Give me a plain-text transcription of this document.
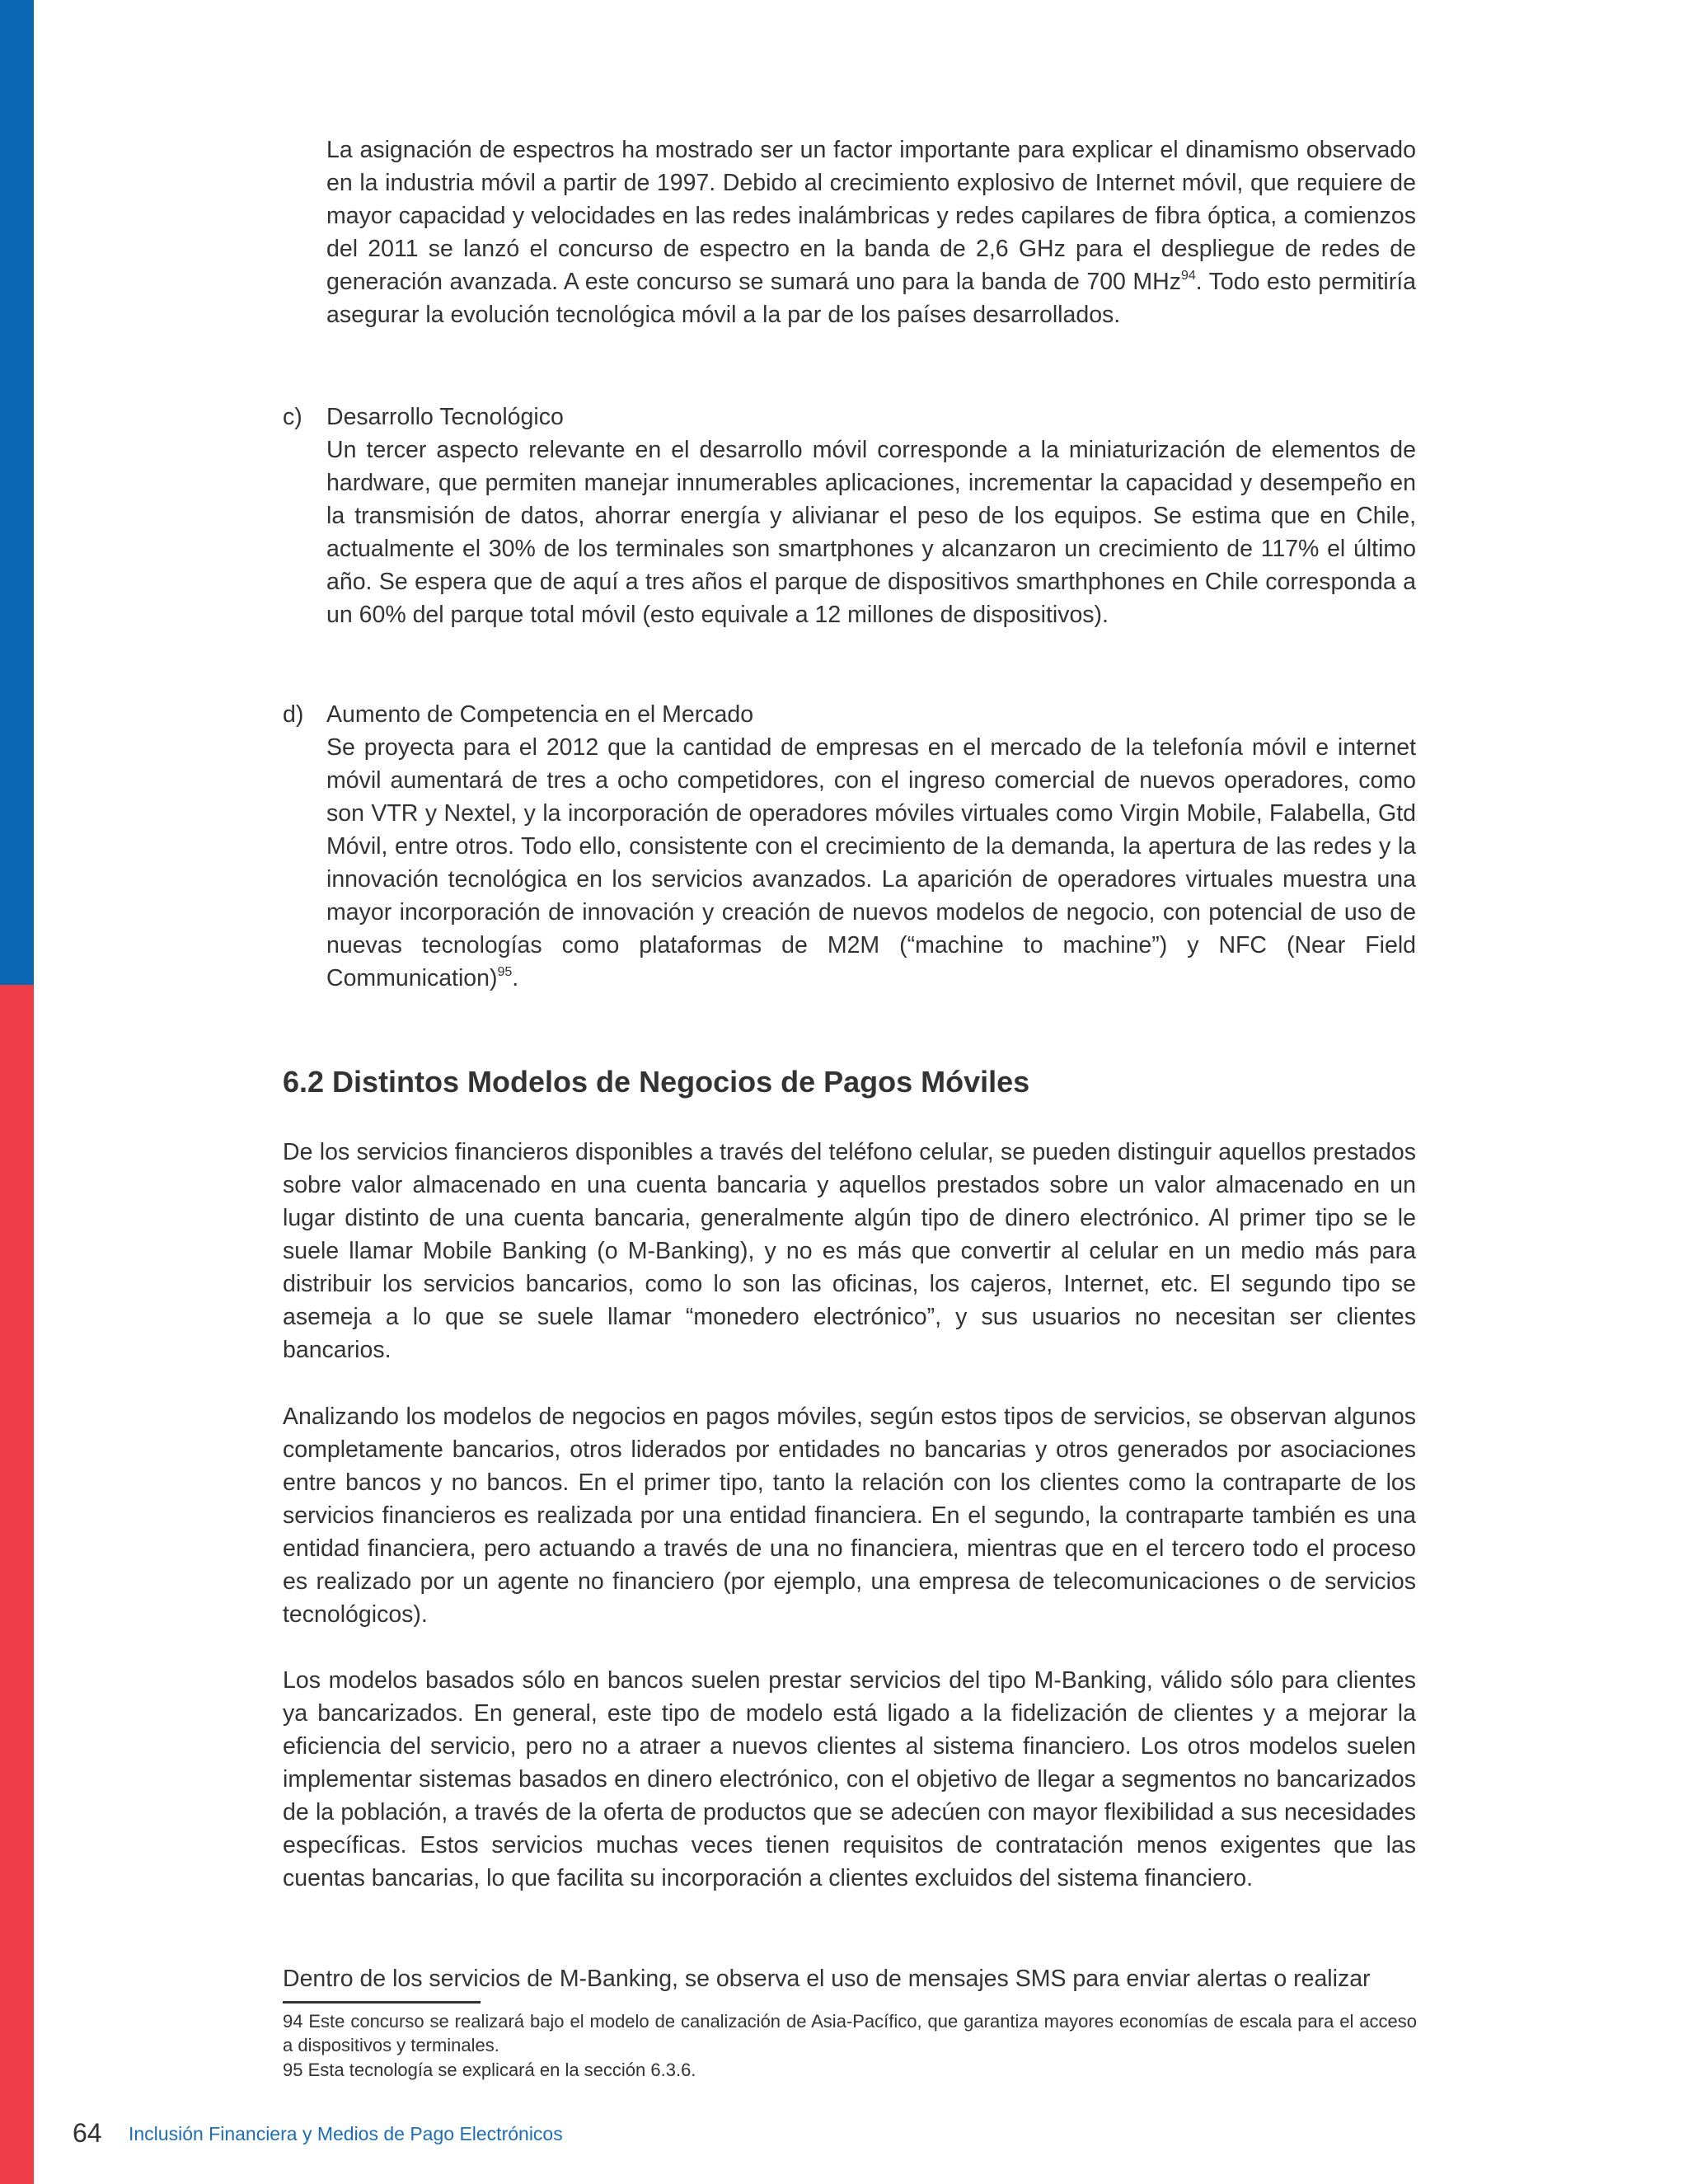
La asignación de espectros ha mostrado ser un factor importante para explicar el dinamismo observado en la industria móvil a partir de 1997. Debido al crecimiento explosivo de Internet móvil, que requiere de mayor capacidad y velocidades en las redes inalámbricas y redes capilares de fibra óptica, a comienzos del 2011 se lanzó el concurso de espectro en la banda de 2,6 GHz para el despliegue de redes de generación avanzada. A este concurso se sumará uno para la banda de 700 MHz$^{94}$. Todo esto permitiría asegurar la evolución tecnológica móvil a la par de los países desarrollados.

c) Desarrollo Tecnológico

Un tercer aspecto relevante en el desarrollo móvil corresponde a la miniaturización de elementos de hardware, que permiten manejar innumerables aplicaciones, incrementar la capacidad y desempeño en la transmisión de datos, ahorrar energía y alivianar el peso de los equipos. Se estima que en Chile, actualmente el 30% de los terminales son smartphones y alcanzaron un crecimiento de 117% el último año. Se espera que de aquí a tres años el parque de dispositivos smarthphones en Chile corresponda a un 60% del parque total móvil (esto equivale a 12 millones de dispositivos).

d) Aumento de Competencia en el Mercado

Se proyecta para el 2012 que la cantidad de empresas en el mercado de la telefonía móvil e internet móvil aumentará de tres a ocho competidores, con el ingreso comercial de nuevos operadores, como son VTR y Nextel, y la incorporación de operadores móviles virtuales como Virgin Mobile, Falabella, Gtd Móvil, entre otros. Todo ello, consistente con el crecimiento de la demanda, la apertura de las redes y la innovación tecnológica en los servicios avanzados. La aparición de operadores virtuales muestra una mayor incorporación de innovación y creación de nuevos modelos de negocio, con potencial de uso de nuevas tecnologías como plataformas de M2M (“machine to machine”) y NFC (Near Field Communication)$^{95}$.

6.2 Distintos Modelos de Negocios de Pagos Móviles

De los servicios financieros disponibles a través del teléfono celular, se pueden distinguir aquellos prestados sobre valor almacenado en una cuenta bancaria y aquellos prestados sobre un valor almacenado en un lugar distinto de una cuenta bancaria, generalmente algún tipo de dinero electrónico. Al primer tipo se le suele llamar Mobile Banking (o M-Banking), y no es más que convertir al celular en un medio más para distribuir los servicios bancarios, como lo son las oficinas, los cajeros, Internet, etc. El segundo tipo se asemeja a lo que se suele llamar “monedero electrónico”, y sus usuarios no necesitan ser clientes bancarios.

Analizando los modelos de negocios en pagos móviles, según estos tipos de servicios, se observan algunos completamente bancarios, otros liderados por entidades no bancarias y otros generados por asociaciones entre bancos y no bancos. En el primer tipo, tanto la relación con los clientes como la contraparte de los servicios financieros es realizada por una entidad financiera. En el segundo, la contraparte también es una entidad financiera, pero actuando a través de una no financiera, mientras que en el tercero todo el proceso es realizado por un agente no financiero (por ejemplo, una empresa de telecomunicaciones o de servicios tecnológicos).

Los modelos basados sólo en bancos suelen prestar servicios del tipo M-Banking, válido sólo para clientes ya bancarizados. En general, este tipo de modelo está ligado a la fidelización de clientes y a mejorar la eficiencia del servicio, pero no a atraer a nuevos clientes al sistema financiero. Los otros modelos suelen implementar sistemas basados en dinero electrónico, con el objetivo de llegar a segmentos no bancarizados de la población, a través de la oferta de productos que se adecúen con mayor flexibilidad a sus necesidades específicas. Estos servicios muchas veces tienen requisitos de contratación menos exigentes que las cuentas bancarias, lo que facilita su incorporación a clientes excluidos del sistema financiero.

Dentro de los servicios de M-Banking, se observa el uso de mensajes SMS para enviar alertas o realizar

94 Este concurso se realizará bajo el modelo de canalización de Asia-Pacífico, que garantiza mayores economías de escala para el acceso a dispositivos y terminales.

95 Esta tecnología se explicará en la sección 6.3.6.

64 Inclusión Financiera y Medios de Pago Electrónicos
